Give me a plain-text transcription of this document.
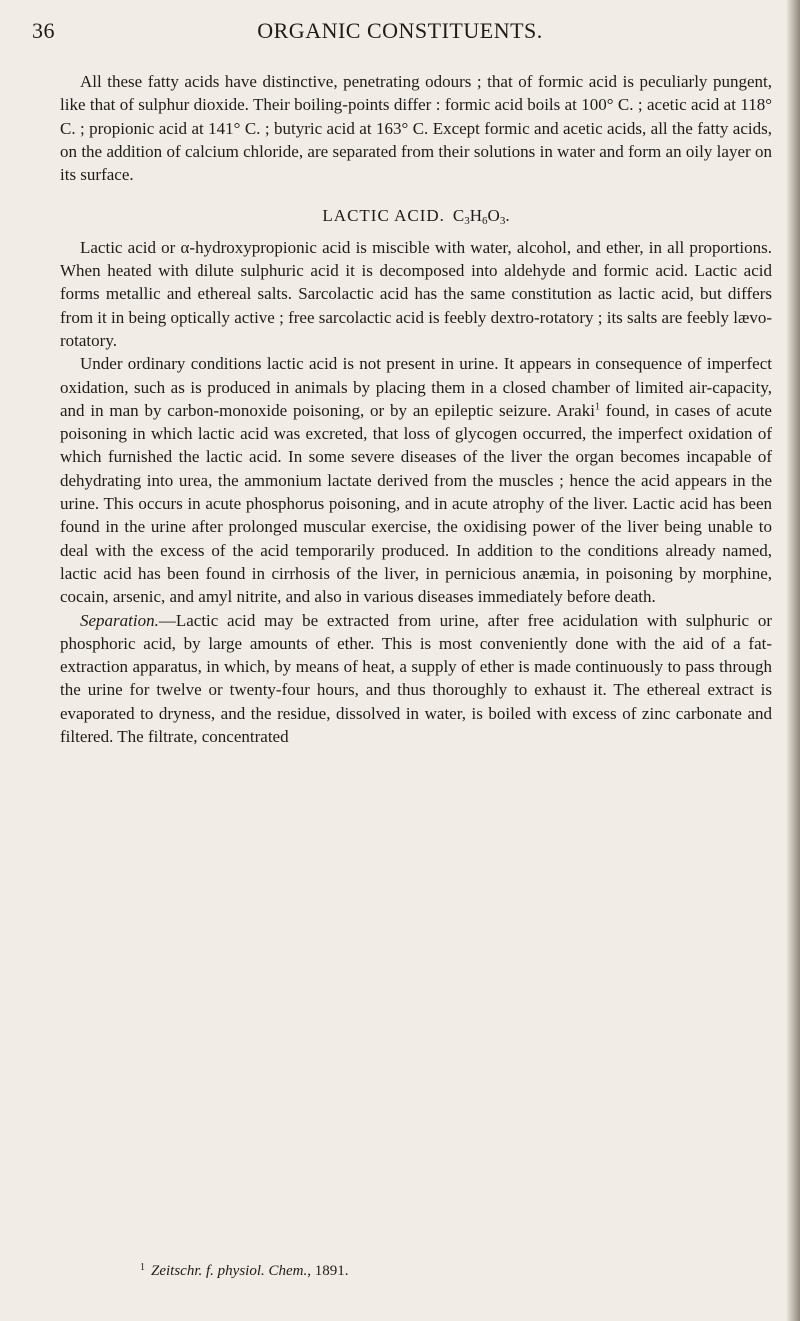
36	ORGANIC CONSTITUENTS.

All these fatty acids have distinctive, penetrating odours ; that of formic acid is peculiarly pungent, like that of sulphur dioxide. Their boiling-points differ : formic acid boils at 100° C. ; acetic acid at 118° C. ; propionic acid at 141° C. ; butyric acid at 163° C. Except formic and acetic acids, all the fatty acids, on the addition of calcium chloride, are separated from their solutions in water and form an oily layer on its surface.

LACTIC ACID. $C_3H_6O_3$.

Lactic acid or α-hydroxypropionic acid is miscible with water, alcohol, and ether, in all proportions. When heated with dilute sulphuric acid it is decomposed into aldehyde and formic acid. Lactic acid forms metallic and ethereal salts. Sarcolactic acid has the same constitution as lactic acid, but differs from it in being optically active ; free sarcolactic acid is feebly dextro-rotatory ; its salts are feebly lævo-rotatory.

Under ordinary conditions lactic acid is not present in urine. It appears in consequence of imperfect oxidation, such as is produced in animals by placing them in a closed chamber of limited air-capacity, and in man by carbon-monoxide poisoning, or by an epileptic seizure. Araki$^1$ found, in cases of acute poisoning in which lactic acid was excreted, that loss of glycogen occurred, the imperfect oxidation of which furnished the lactic acid. In some severe diseases of the liver the organ becomes incapable of dehydrating into urea, the ammonium lactate derived from the muscles ; hence the acid appears in the urine. This occurs in acute phosphorus poisoning, and in acute atrophy of the liver. Lactic acid has been found in the urine after prolonged muscular exercise, the oxidising power of the liver being unable to deal with the excess of the acid temporarily produced. In addition to the conditions already named, lactic acid has been found in cirrhosis of the liver, in pernicious anæmia, in poisoning by morphine, cocain, arsenic, and amyl nitrite, and also in various diseases immediately before death.

Separation.—Lactic acid may be extracted from urine, after free acidulation with sulphuric or phosphoric acid, by large amounts of ether. This is most conveniently done with the aid of a fat-extraction apparatus, in which, by means of heat, a supply of ether is made continuously to pass through the urine for twelve or twenty-four hours, and thus thoroughly to exhaust it. The ethereal extract is evaporated to dryness, and the residue, dissolved in water, is boiled with excess of zinc carbonate and filtered. The filtrate, concentrated

$^1$ Zeitschr. f. physiol. Chem., 1891.
